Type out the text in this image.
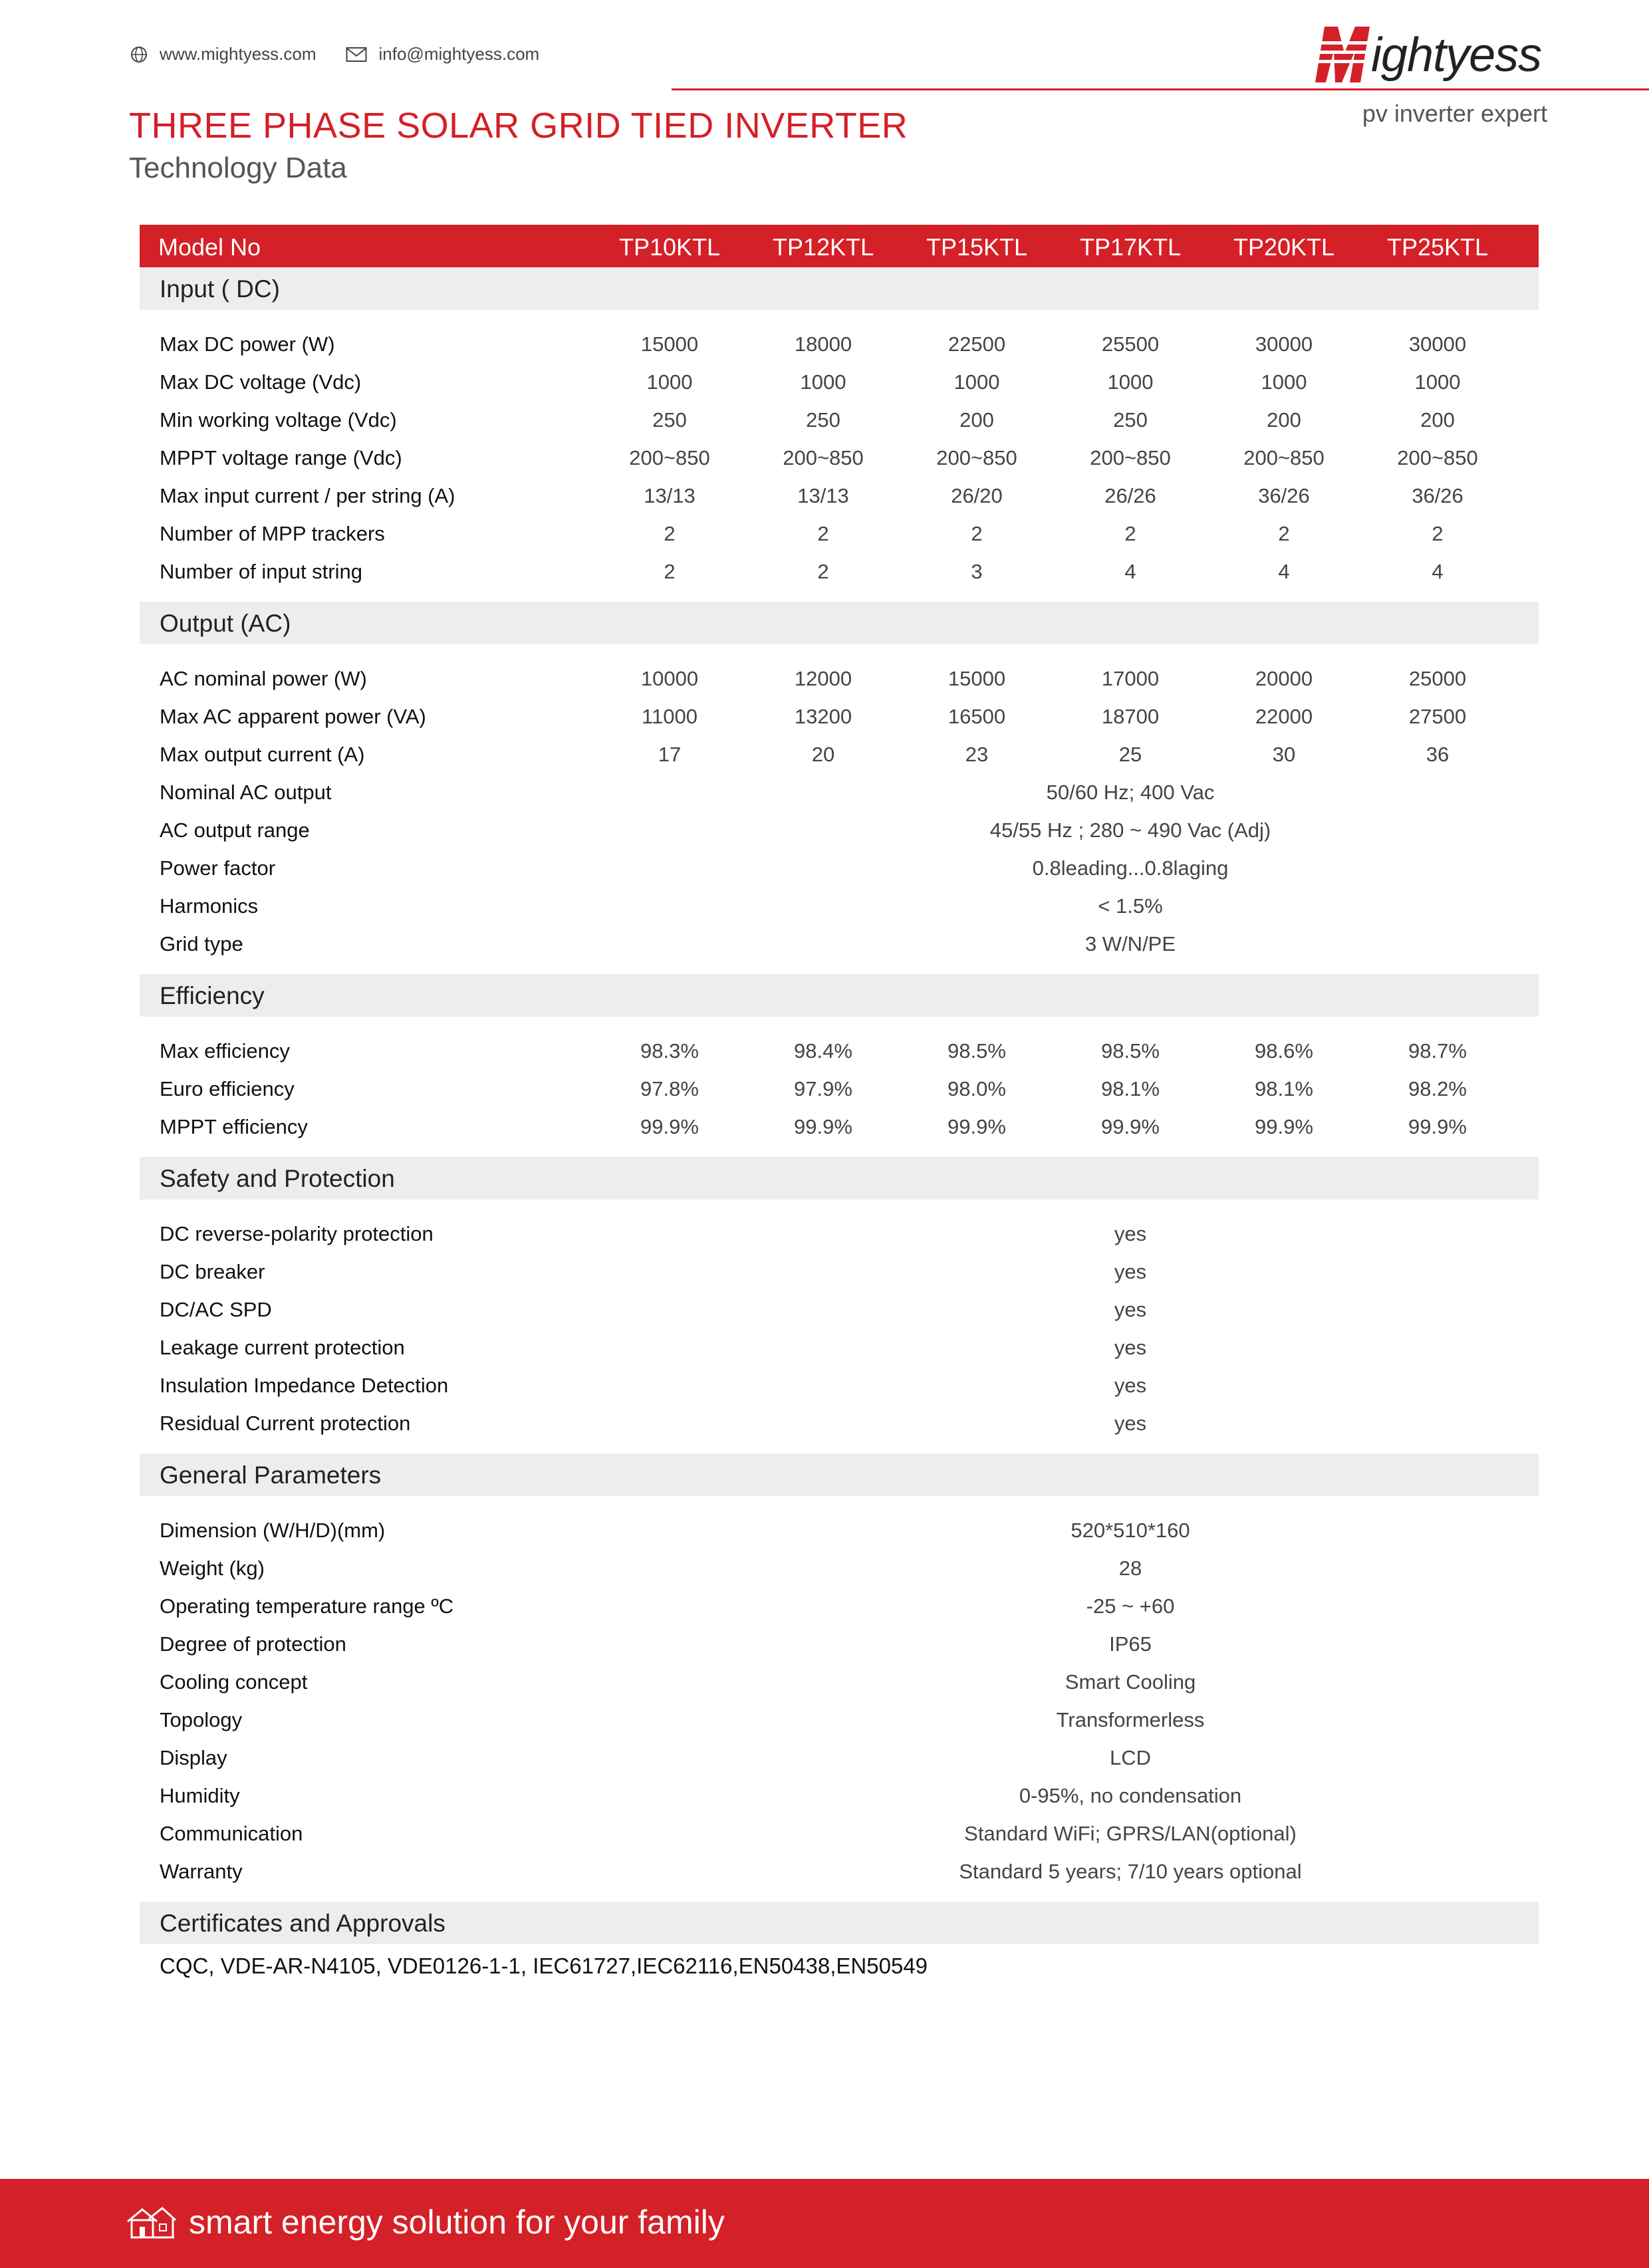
www.mightyess.com	info@mightyess.com	ightyess
pv inverter expert
THREE PHASE SOLAR GRID TIED INVERTER
Technology Data
Model No	TP10KTL	TP12KTL	TP15KTL	TP17KTL	TP20KTL	TP25KTL
Input ( DC)
Max DC power (W)	15000	18000	22500	25500	30000	30000
Max DC voltage (Vdc)	1000	1000	1000	1000	1000	1000
Min working voltage (Vdc)	250	250	200	250	200	200
MPPT voltage range (Vdc)	200~850	200~850	200~850	200~850	200~850	200~850
Max input current / per string (A)	13/13	13/13	26/20	26/26	36/26	36/26
Number of MPP trackers	2	2	2	2	2	2
Number of input string	2	2	3	4	4	4
Output (AC)
AC nominal power (W)	10000	12000	15000	17000	20000	25000
Max AC apparent power (VA)	11000	13200	16500	18700	22000	27500
Max output current (A)	17	20	23	25	30	36
Nominal AC output	50/60 Hz; 400 Vac
AC output range	45/55 Hz ; 280 ~ 490 Vac (Adj)
Power factor	0.8leading...0.8laging
Harmonics	< 1.5%
Grid type	3 W/N/PE
Efficiency
Max efficiency	98.3%	98.4%	98.5%	98.5%	98.6%	98.7%
Euro efficiency	97.8%	97.9%	98.0%	98.1%	98.1%	98.2%
MPPT efficiency	99.9%	99.9%	99.9%	99.9%	99.9%	99.9%
Safety and Protection
DC reverse-polarity protection	yes
DC breaker	yes
DC/AC SPD	yes
Leakage current protection	yes
Insulation Impedance Detection	yes
Residual Current protection	yes
General Parameters
Dimension (W/H/D)(mm)	520*510*160
Weight (kg)	28
Operating temperature range ºC	-25 ~ +60
Degree of protection	IP65
Cooling concept	Smart Cooling
Topology	Transformerless
Display	LCD
Humidity	0-95%, no condensation
Communication	Standard WiFi; GPRS/LAN(optional)
Warranty	Standard 5 years; 7/10 years optional
Certificates and Approvals
CQC, VDE-AR-N4105, VDE0126-1-1, IEC61727,IEC62116,EN50438,EN50549
smart energy solution for your family
